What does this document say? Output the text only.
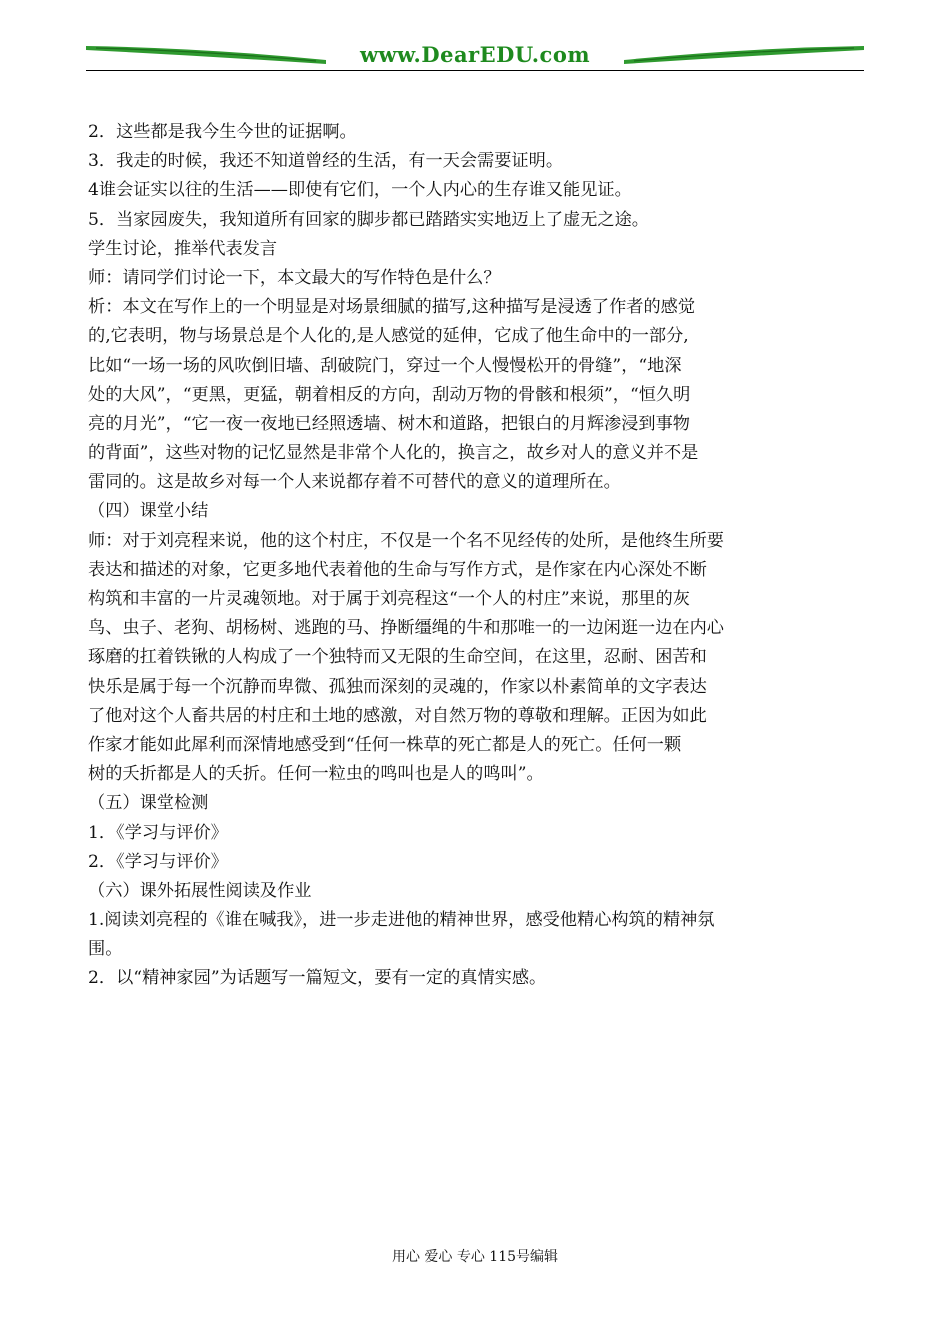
www.DearEDU.com
2．这些都是我今生今世的证据啊。
3．我走的时候，我还不知道曾经的生活，有一天会需要证明。
4谁会证实以往的生活——即使有它们，一个人内心的生存谁又能见证。
5．当家园废失，我知道所有回家的脚步都已踏踏实实地迈上了虚无之途。
学生讨论，推举代表发言
师：请同学们讨论一下，本文最大的写作特色是什么？
析：本文在写作上的一个明显是对场景细腻的描写,这种描写是浸透了作者的感觉
的,它表明，物与场景总是个人化的,是人感觉的延伸，它成了他生命中的一部分,
比如“一场一场的风吹倒旧墙、刮破院门，穿过一个人慢慢松开的骨缝”，“地深
处的大风”，“更黑，更猛，朝着相反的方向，刮动万物的骨骸和根须”，“恒久明
亮的月光”，“它一夜一夜地已经照透墙、树木和道路，把银白的月辉渗浸到事物
的背面”，这些对物的记忆显然是非常个人化的，换言之，故乡对人的意义并不是
雷同的。这是故乡对每一个人来说都存着不可替代的意义的道理所在。
（四）课堂小结
师：对于刘亮程来说，他的这个村庄，不仅是一个名不见经传的处所，是他终生所要
表达和描述的对象，它更多地代表着他的生命与写作方式，是作家在内心深处不断
构筑和丰富的一片灵魂领地。对于属于刘亮程这“一个人的村庄”来说，那里的灰
鸟、虫子、老狗、胡杨树、逃跑的马、挣断缰绳的牛和那唯一的一边闲逛一边在内心
琢磨的扛着铁锹的人构成了一个独特而又无限的生命空间，在这里，忍耐、困苦和
快乐是属于每一个沉静而卑微、孤独而深刻的灵魂的，作家以朴素简单的文字表达
了他对这个人畜共居的村庄和土地的感激，对自然万物的尊敬和理解。正因为如此
作家才能如此犀利而深情地感受到“任何一株草的死亡都是人的死亡。任何一颗
树的夭折都是人的夭折。任何一粒虫的鸣叫也是人的鸣叫”。
（五）课堂检测
1．《学习与评价》
2．《学习与评价》
（六）课外拓展性阅读及作业
1.阅读刘亮程的《谁在喊我》，进一步走进他的精神世界，感受他精心构筑的精神氛
围。
2．以“精神家园”为话题写一篇短文，要有一定的真情实感。
用心 爱心 专心 115号编辑
